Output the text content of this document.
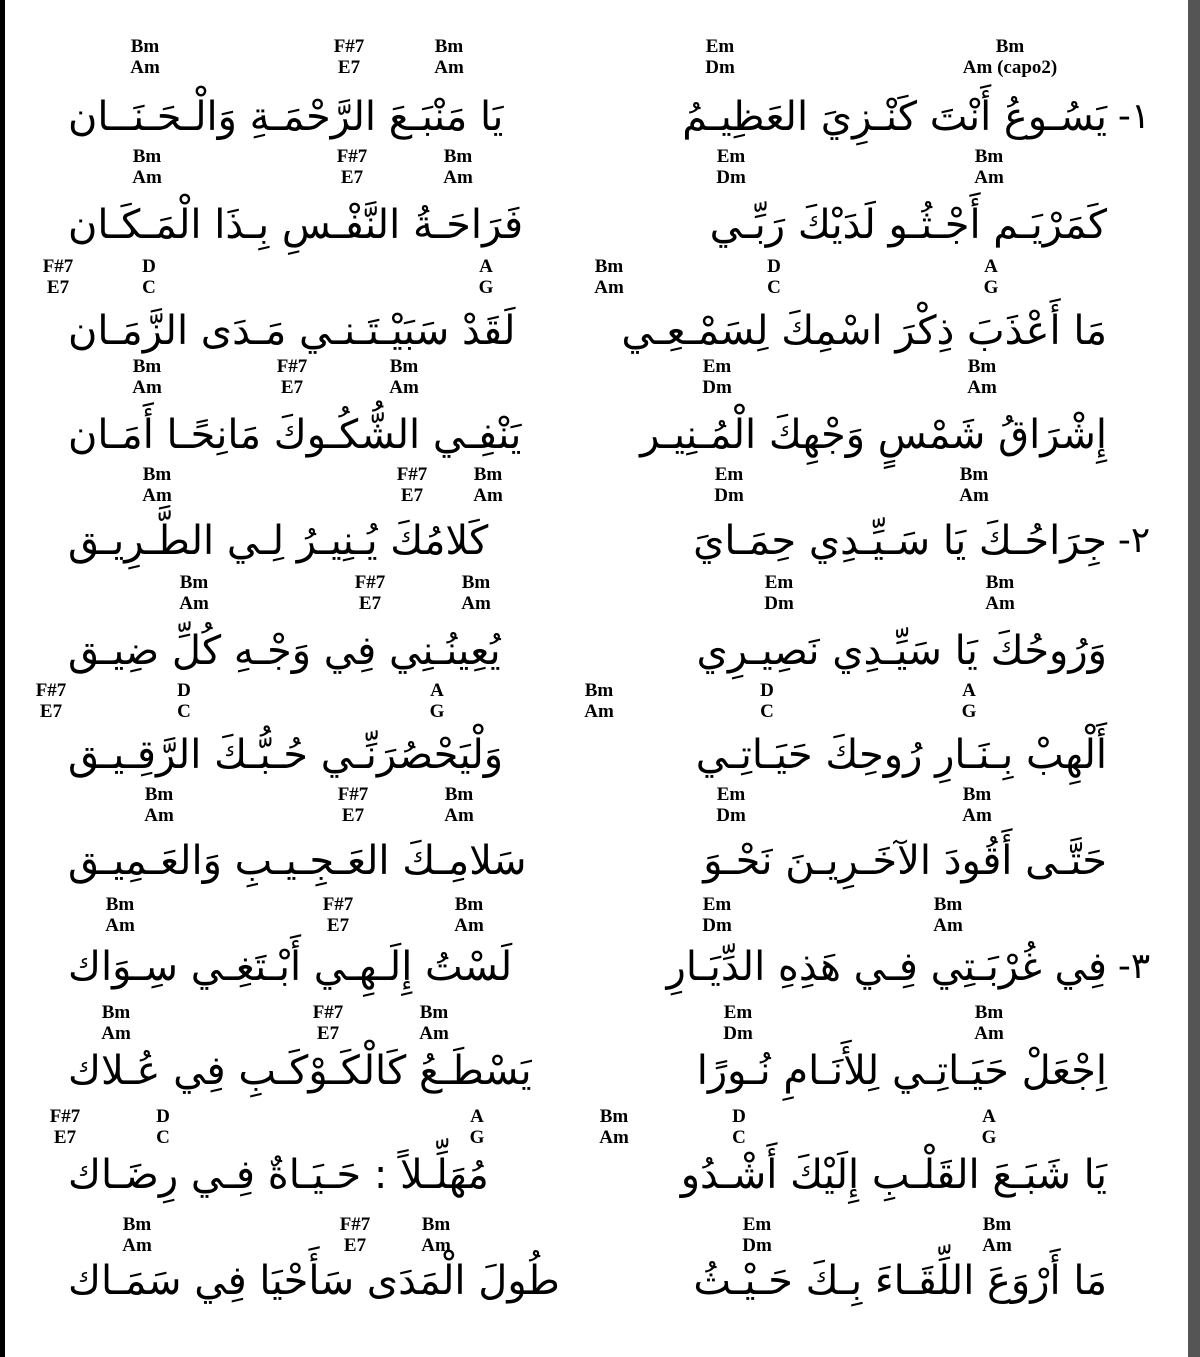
Bm
Am
F#7
E7
Bm
Am
Em
Dm
Bm
Am (capo2)
يَسُـوعُ أَنْتَ كَنْـزِيَ العَظِيـمُ
يَا مَنْبَـعَ الرَّحْمَـةِ وَالْـحَـنَــان	١-
Bm
Am
F#7
E7
Bm
Am
Em
Dm
Bm
Am
كَمَرْيَـم أَجْـثُـو لَدَيْكَ رَبِّـي
فَرَاحَـةُ النَّفْـسِ بِـذَا الْمَـكَـان
F#7
E7
D
C
A
G
Bm
Am
D
C
A
G
مَا أَعْذَبَ ذِكْرَ اسْمِكَ لِسَمْـعِـي
لَقَدْ سَبَيْـتَـنـي مَـدَى الزَّمَـان
Bm
Am
F#7
E7
Bm
Am
Em
Dm
Bm
Am
إِشْرَاقُ شَمْسٍ وَجْهِكَ الْمُـنِيـر
يَنْفِـي الشُّكُـوكَ مَانِحًـا أَمَـان
Bm
Am
F#7
E7
Bm
Am
Em
Dm
Bm
Am
جِرَاحُـكَ يَا سَـيِّـدِي حِمَـايَ
كَلامُكَ يُـنِيـرُ لِـي الطَّـرِيـق	٢-
Bm
Am
F#7
E7
Bm
Am
Em
Dm
Bm
Am
وَرُوحُكَ يَا سَيِّـدِي نَصِيـرِي
يُعِينُـنِي فِي وَجْـهِ كُلِّ ضِيـق
F#7
E7
D
C
A
G
Bm
Am
D
C
A
G
أَلْهِبْ بِـنَـارِ رُوحِكَ حَيَـاتِـي
وَلْيَحْصُرَنِّـي حُـبُّـكَ الرَّقِـيـق
Bm
Am
F#7
E7
Bm
Am
Em
Dm
Bm
Am
حَتَّـى أَقُودَ الآخَـرِيـنَ نَحْـوَ
سَلامِـكَ العَـجِـيـبِ وَالعَـمِيـق
Bm
Am
F#7
E7
Bm
Am
Em
Dm
Bm
Am
فِي غُرْبَـتِي فِـي هَذِهِ الدِّيَـارِ
لَسْتُ إِلَـهِـي أَبْـتَغِـي سِـوَاك	٣-
Bm
Am
F#7
E7
Bm
Am
Em
Dm
Bm
Am
اِجْعَلْ حَيَـاتِـي لِلأَنَـامِ نُـورًا
يَسْطَـعُ كَالْكَـوْكَـبِ فِي عُـلاك
F#7
E7
D
C
A
G
Bm
Am
D
C
A
G
يَا شَبَـعَ القَلْـبِ إِلَيْكَ أَشْـدُو
مُهَلِّـلاً : حَـيَـاةٌ فِـي رِضَـاك
Bm
Am
F#7
E7
Bm
Am
Em
Dm
Bm
Am
مَا أَرْوَعَ اللِّقَـاءَ بِـكَ حَـيْـثُ
طُولَ الْمَدَى سَأَحْيَا فِي سَمَـاك
